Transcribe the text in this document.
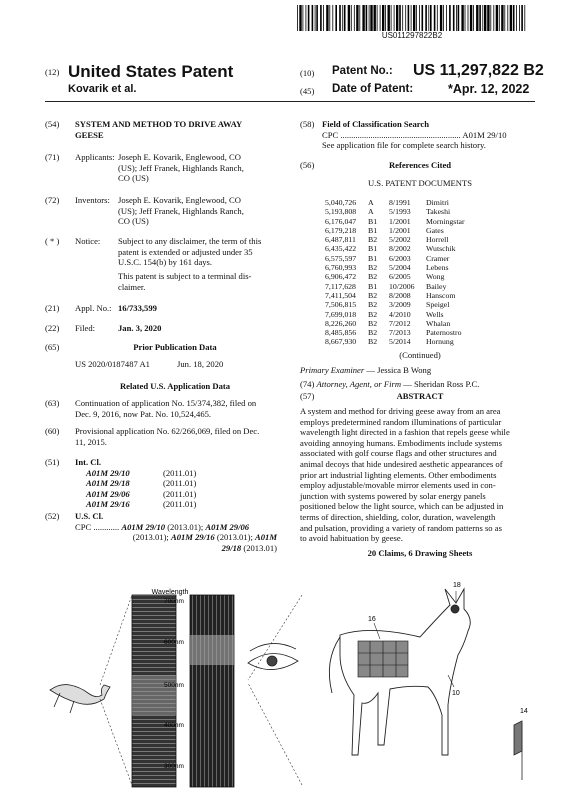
US011297822B2
(12) United States Patent
Kovarik et al.
(10) Patent No.: US 11,297,822 B2
(45) Date of Patent:	*Apr. 12, 2022
(54) SYSTEM AND METHOD TO DRIVE AWAY
GEESE
(71) Applicants: Joseph E. Kovarik, Englewood, CO
(US); Jeff Franek, Highlands Ranch,
CO (US)
(72) Inventors: Joseph E. Kovarik, Englewood, CO
(US); Jeff Franek, Highlands Ranch,
CO (US)
( * ) Notice: Subject to any disclaimer, the term of this
patent is extended or adjusted under 35
U.S.C. 154(b) by 161 days.
This patent is subject to a terminal dis-
claimer.
(21) Appl. No.: 16/733,599
(22) Filed:	Jan. 3, 2020
(65)	Prior Publication Data
US 2020/0187487 A1	Jun. 18, 2020
Related U.S. Application Data
(63) Continuation of application No. 15/374,382, filed on
Dec. 9, 2016, now Pat. No. 10,524,465.
(60) Provisional application No. 62/266,069, filed on Dec.
11, 2015.
(51) Int. Cl.
A01M 29/10	(2011.01)
A01M 29/18	(2011.01)
A01M 29/06	(2011.01)
A01M 29/16	(2011.01)
(52) U.S. Cl.
CPC ............ A01M 29/10 (2013.01); A01M 29/06
(2013.01); A01M 29/16 (2013.01); A01M
29/18 (2013.01)
(58) Field of Classification Search
CPC ........................................................ A01M 29/10
See application file for complete search history.
(56)	References Cited
U.S. PATENT DOCUMENTS
5,040,726	A	8/1991	Dimitri
5,193,808	A	5/1993	Takeshi
6,176,047	B1	1/2001	Morningstar
6,179,218	B1	1/2001	Gates
6,487,811	B2	5/2002	Horrell
6,435,422	B1	8/2002	Wutschik
6,575,597	B1	6/2003	Cramer
6,760,993	B2	5/2004	Lebens
6,906,472	B2	6/2005	Wong
7,117,628	B1	10/2006	Bailey
7,411,504	B2	8/2008	Hanscom
7,506,815	B2	3/2009	Speigel
7,699,018	B2	4/2010	Wells
8,226,260	B2	7/2012	Whalan
8,485,856	B2	7/2013	Paternostro
8,667,930	B2	5/2014	Hornung
(Continued)
Primary Examiner — Jessica B Wong
(74) Attorney, Agent, or Firm — Sheridan Ross P.C.
(57)	ABSTRACT
A system and method for driving geese away from an area
employs predetermined random illuminations of particular
wavelength light directed in a fashion that repels geese while
avoiding annoying humans. Embodiments include systems
associated with golf course flags and other structures and
animal decoys that hide undesired aesthetic appearances of
prior art industrial lighting elements. Other embodiments
employ adjustable/movable mirror elements used in con-
junction with systems powered by solar energy panels
positioned below the light source, which can be adjusted in
terms of direction, shielding, color, duration, wavelength
and pulsation, providing a variety of random patterns so as
to avoid habituation by geese.
20 Claims, 6 Drawing Sheets
Wavelength
700nm
600nm
500nm
400nm
300nm
18
16
10
14
